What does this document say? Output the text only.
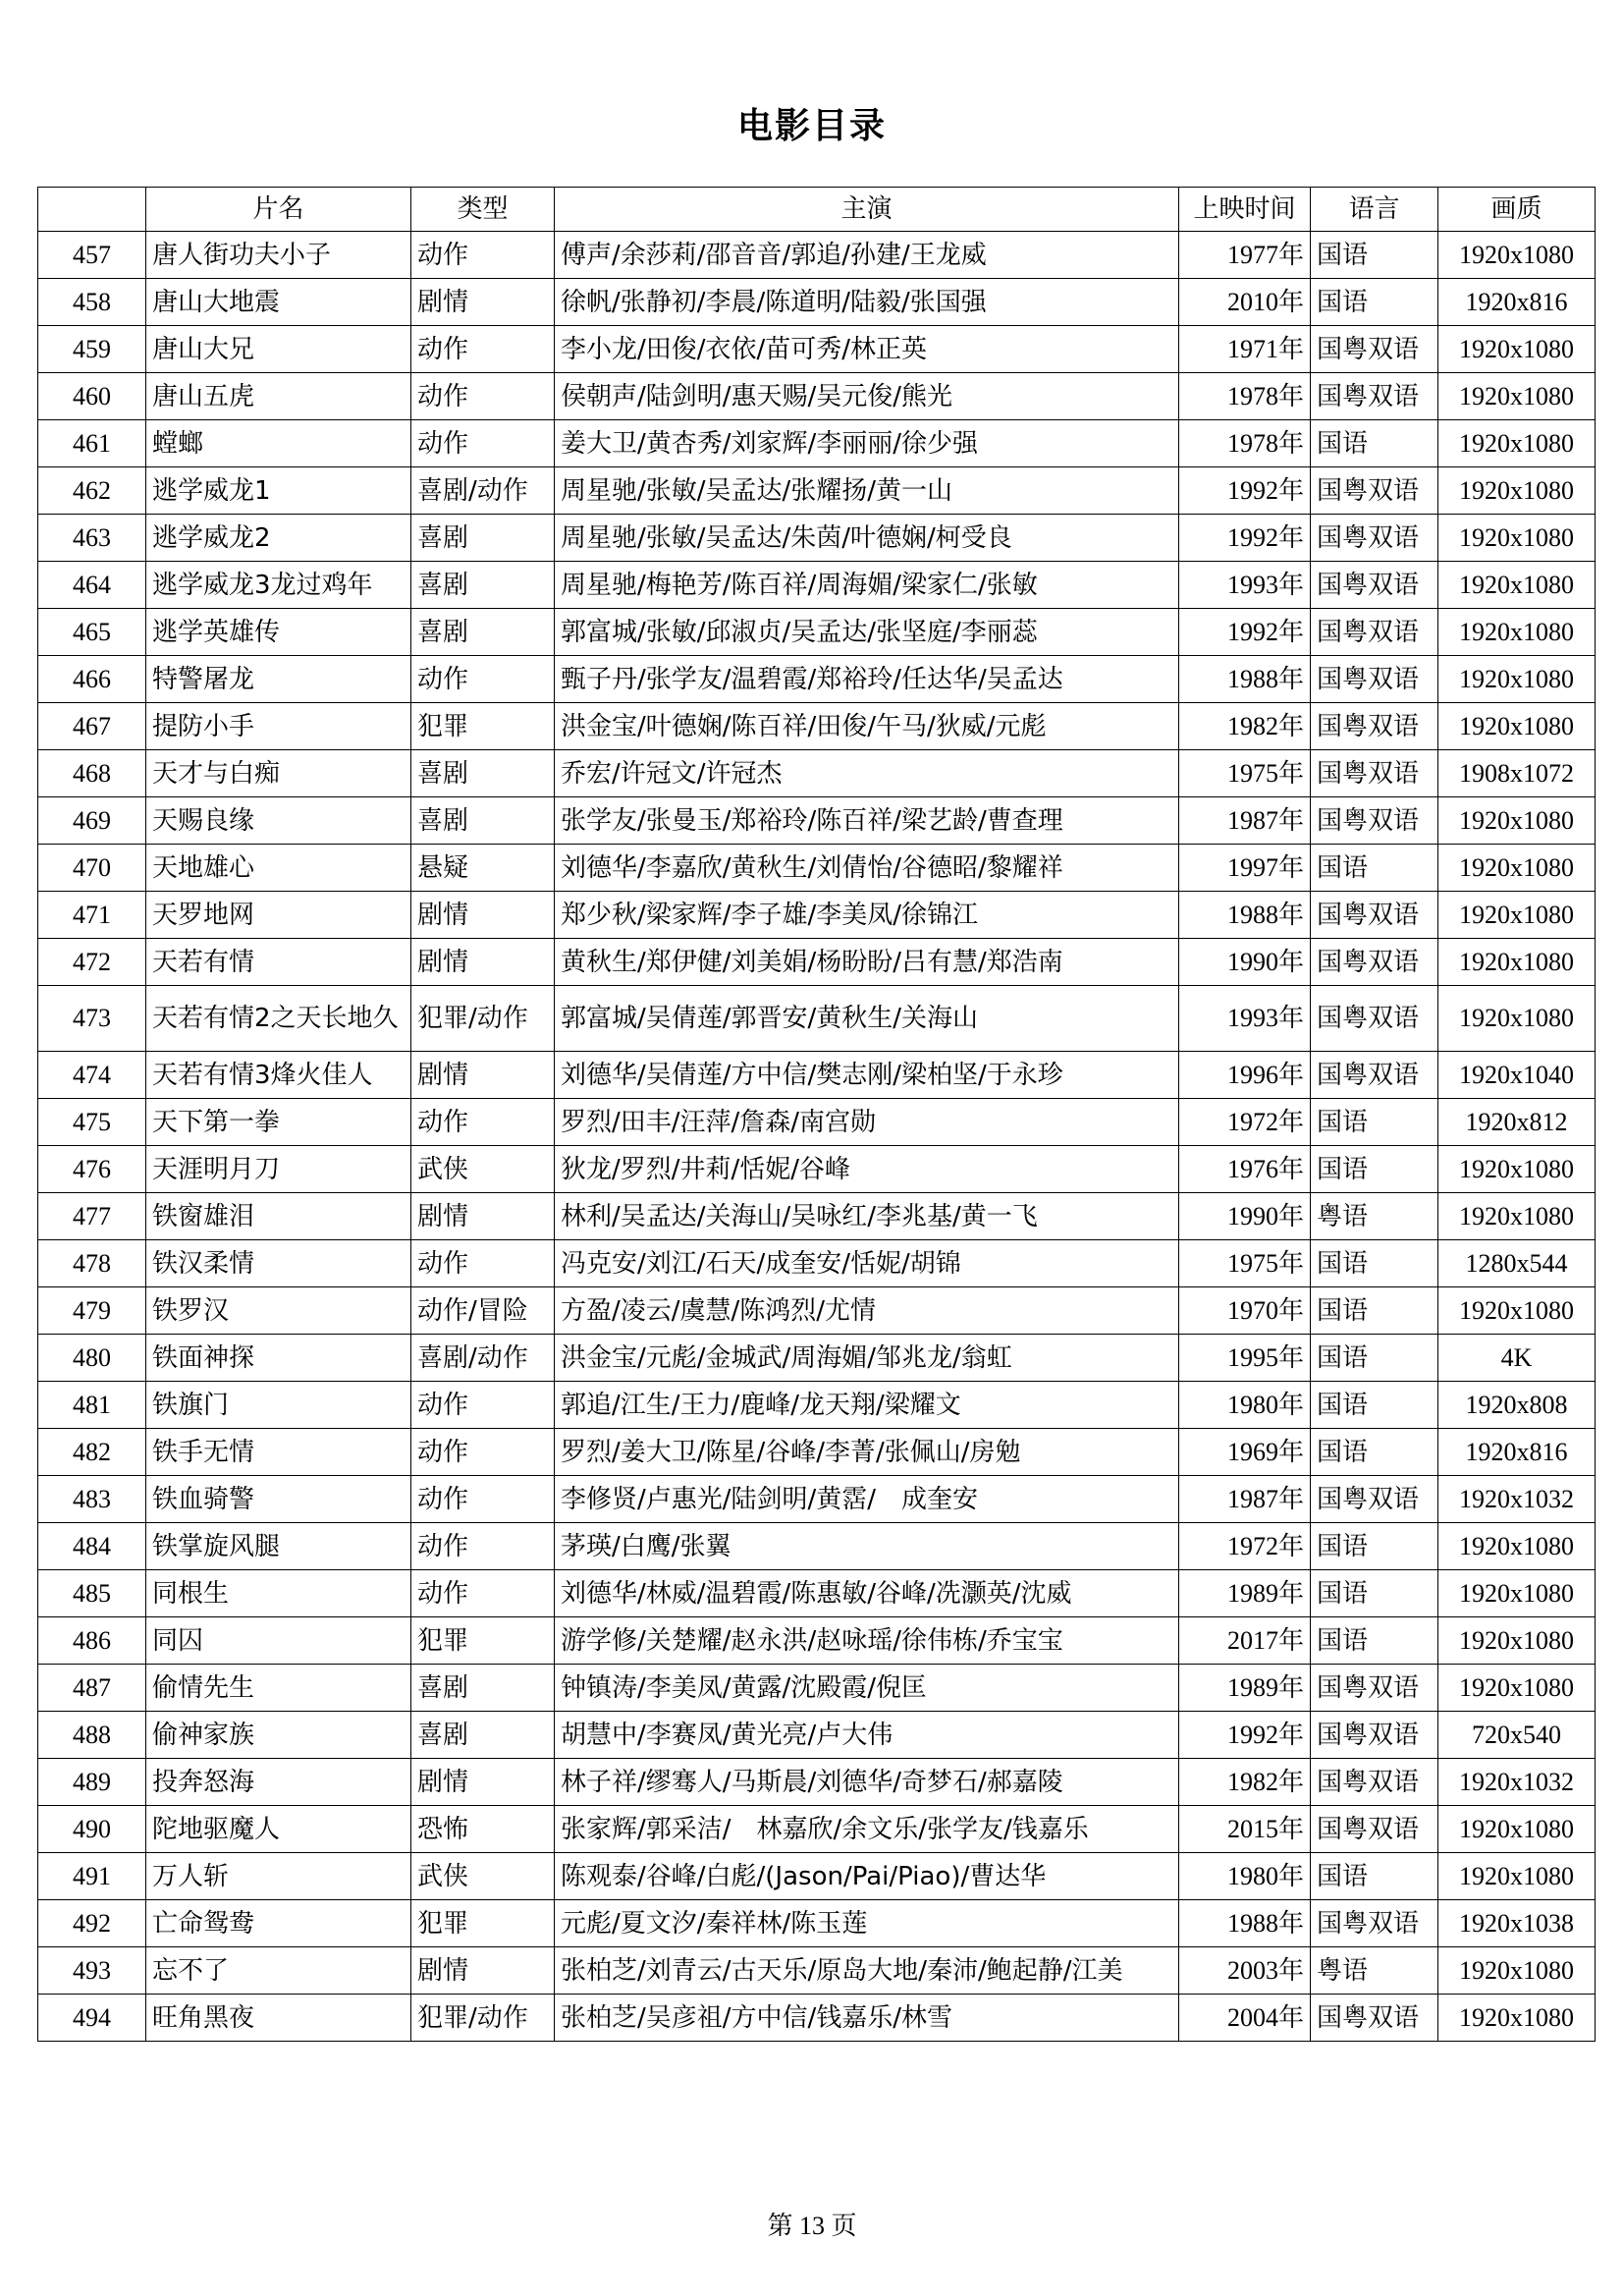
电影目录
	片名	类型	主演	上映时间	语言	画质
457	唐人街功夫小子	动作	傅声/余莎莉/邵音音/郭追/孙建/王龙威	1977年	国语	1920x1080
458	唐山大地震	剧情	徐帆/张静初/李晨/陈道明/陆毅/张国强	2010年	国语	1920x816
459	唐山大兄	动作	李小龙/田俊/衣依/苗可秀/林正英	1971年	国粤双语	1920x1080
460	唐山五虎	动作	侯朝声/陆剑明/惠天赐/吴元俊/熊光	1978年	国粤双语	1920x1080
461	螳螂	动作	姜大卫/黄杏秀/刘家辉/李丽丽/徐少强	1978年	国语	1920x1080
462	逃学威龙1	喜剧/动作	周星驰/张敏/吴孟达/张耀扬/黄一山	1992年	国粤双语	1920x1080
463	逃学威龙2	喜剧	周星驰/张敏/吴孟达/朱茵/叶德娴/柯受良	1992年	国粤双语	1920x1080
464	逃学威龙3龙过鸡年	喜剧	周星驰/梅艳芳/陈百祥/周海媚/梁家仁/张敏	1993年	国粤双语	1920x1080
465	逃学英雄传	喜剧	郭富城/张敏/邱淑贞/吴孟达/张坚庭/李丽蕊	1992年	国粤双语	1920x1080
466	特警屠龙	动作	甄子丹/张学友/温碧霞/郑裕玲/任达华/吴孟达	1988年	国粤双语	1920x1080
467	提防小手	犯罪	洪金宝/叶德娴/陈百祥/田俊/午马/狄威/元彪	1982年	国粤双语	1920x1080
468	天才与白痴	喜剧	乔宏/许冠文/许冠杰	1975年	国粤双语	1908x1072
469	天赐良缘	喜剧	张学友/张曼玉/郑裕玲/陈百祥/梁艺龄/曹查理	1987年	国粤双语	1920x1080
470	天地雄心	悬疑	刘德华/李嘉欣/黄秋生/刘倩怡/谷德昭/黎耀祥	1997年	国语	1920x1080
471	天罗地网	剧情	郑少秋/梁家辉/李子雄/李美凤/徐锦江	1988年	国粤双语	1920x1080
472	天若有情	剧情	黄秋生/郑伊健/刘美娟/杨盼盼/吕有慧/郑浩南	1990年	国粤双语	1920x1080
473	天若有情2之天长地久	犯罪/动作	郭富城/吴倩莲/郭晋安/黄秋生/关海山	1993年	国粤双语	1920x1080
474	天若有情3烽火佳人	剧情	刘德华/吴倩莲/方中信/樊志刚/梁柏坚/于永珍	1996年	国粤双语	1920x1040
475	天下第一拳	动作	罗烈/田丰/汪萍/詹森/南宫勋	1972年	国语	1920x812
476	天涯明月刀	武侠	狄龙/罗烈/井莉/恬妮/谷峰	1976年	国语	1920x1080
477	铁窗雄泪	剧情	林利/吴孟达/关海山/吴咏红/李兆基/黄一飞	1990年	粤语	1920x1080
478	铁汉柔情	动作	冯克安/刘江/石天/成奎安/恬妮/胡锦	1975年	国语	1280x544
479	铁罗汉	动作/冒险	方盈/凌云/虞慧/陈鸿烈/尤情	1970年	国语	1920x1080
480	铁面神探	喜剧/动作	洪金宝/元彪/金城武/周海媚/邹兆龙/翁虹	1995年	国语	4K
481	铁旗门	动作	郭追/江生/王力/鹿峰/龙天翔/梁耀文	1980年	国语	1920x808
482	铁手无情	动作	罗烈/姜大卫/陈星/谷峰/李菁/张佩山/房勉	1969年	国语	1920x816
483	铁血骑警	动作	李修贤/卢惠光/陆剑明/黄霑/　成奎安	1987年	国粤双语	1920x1032
484	铁掌旋风腿	动作	茅瑛/白鹰/张翼	1972年	国语	1920x1080
485	同根生	动作	刘德华/林威/温碧霞/陈惠敏/谷峰/冼灏英/沈威	1989年	国语	1920x1080
486	同囚	犯罪	游学修/关楚耀/赵永洪/赵咏瑶/徐伟栋/乔宝宝	2017年	国语	1920x1080
487	偷情先生	喜剧	钟镇涛/李美凤/黄露/沈殿霞/倪匡	1989年	国粤双语	1920x1080
488	偷神家族	喜剧	胡慧中/李赛凤/黄光亮/卢大伟	1992年	国粤双语	720x540
489	投奔怒海	剧情	林子祥/缪骞人/马斯晨/刘德华/奇梦石/郝嘉陵	1982年	国粤双语	1920x1032
490	陀地驱魔人	恐怖	张家辉/郭采洁/　林嘉欣/余文乐/张学友/钱嘉乐	2015年	国粤双语	1920x1080
491	万人斩	武侠	陈观泰/谷峰/白彪/(Jason/Pai/Piao)/曹达华	1980年	国语	1920x1080
492	亡命鸳鸯	犯罪	元彪/夏文汐/秦祥林/陈玉莲	1988年	国粤双语	1920x1038
493	忘不了	剧情	张柏芝/刘青云/古天乐/原岛大地/秦沛/鲍起静/江美	2003年	粤语	1920x1080
494	旺角黑夜	犯罪/动作	张柏芝/吴彦祖/方中信/钱嘉乐/林雪	2004年	国粤双语	1920x1080
第 13 页
